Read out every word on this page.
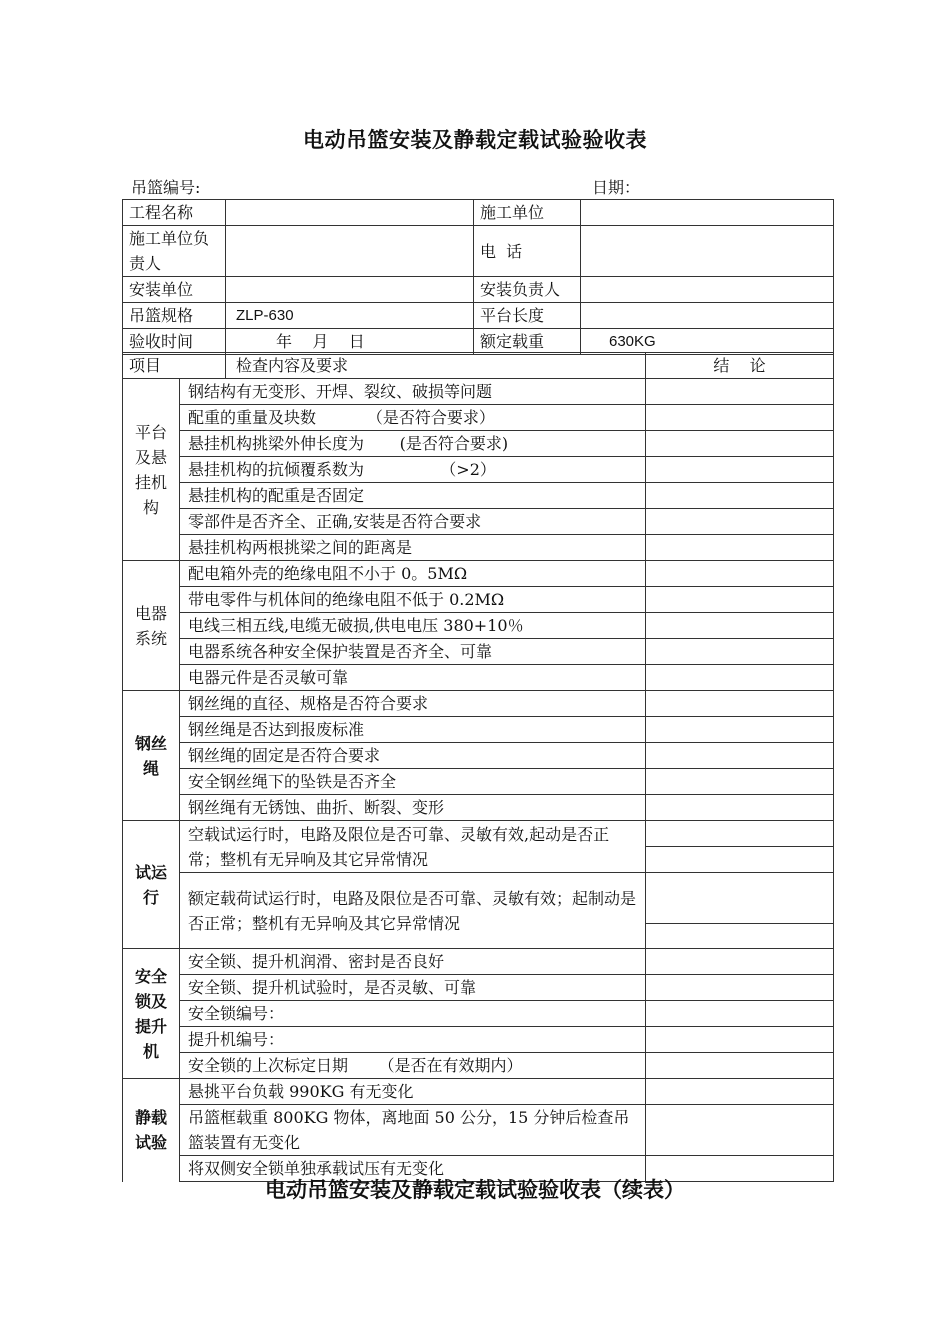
电动吊篮安装及静载定载试验验收表
吊篮编号:	日期：
工程名称		施工单位	
施工单位负责人		电  话	
安装单位		安装负责人	
吊篮规格	ZLP-630	平台长度	
验收时间	年    月    日	额定载重	630KG
项目		检查内容及要求	结    论
平台及悬挂机构	钢结构有无变形、开焊、裂纹、破损等问题		
	配重的重量及块数          （是否符合要求）		
	悬挂机构挑梁外伸长度为       (是否符合要求)		
	悬挂机构的抗倾覆系数为               （>2）		
	悬挂机构的配重是否固定		
	零部件是否齐全、正确,安装是否符合要求		
	悬挂机构两根挑梁之间的距离是		
电器系统	配电箱外壳的绝缘电阻不小于 0。5MΩ		
	带电零件与机体间的绝缘电阻不低于 0.2MΩ		
	电线三相五线,电缆无破损,供电电压 380+10％		
	电器系统各种安全保护装置是否齐全、可靠		
	电器元件是否灵敏可靠		
钢丝绳	钢丝绳的直径、规格是否符合要求		
	钢丝绳是否达到报废标准		
	钢丝绳的固定是否符合要求		
	安全钢丝绳下的坠铁是否齐全		
	钢丝绳有无锈蚀、曲折、断裂、变形		
试运行	空载试运行时，电路及限位是否可靠、灵敏有效,起动是否正常；整机有无异响及其它异常情况		

	额定载荷试运行时，电路及限位是否可靠、灵敏有效；起制动是否正常；整机有无异响及其它异常情况		

安全锁及提升机	安全锁、提升机润滑、密封是否良好		
	安全锁、提升机试验时，是否灵敏、可靠		
	安全锁编号：		
	提升机编号：		
	安全锁的上次标定日期      （是否在有效期内）		
静载试验	悬挑平台负载 990KG 有无变化		
	吊篮框载重 800KG 物体，离地面 50 公分，15 分钟后检查吊篮装置有无变化		
	将双侧安全锁单独承载试压有无变化		
电动吊篮安装及静载定载试验验收表（续表）
